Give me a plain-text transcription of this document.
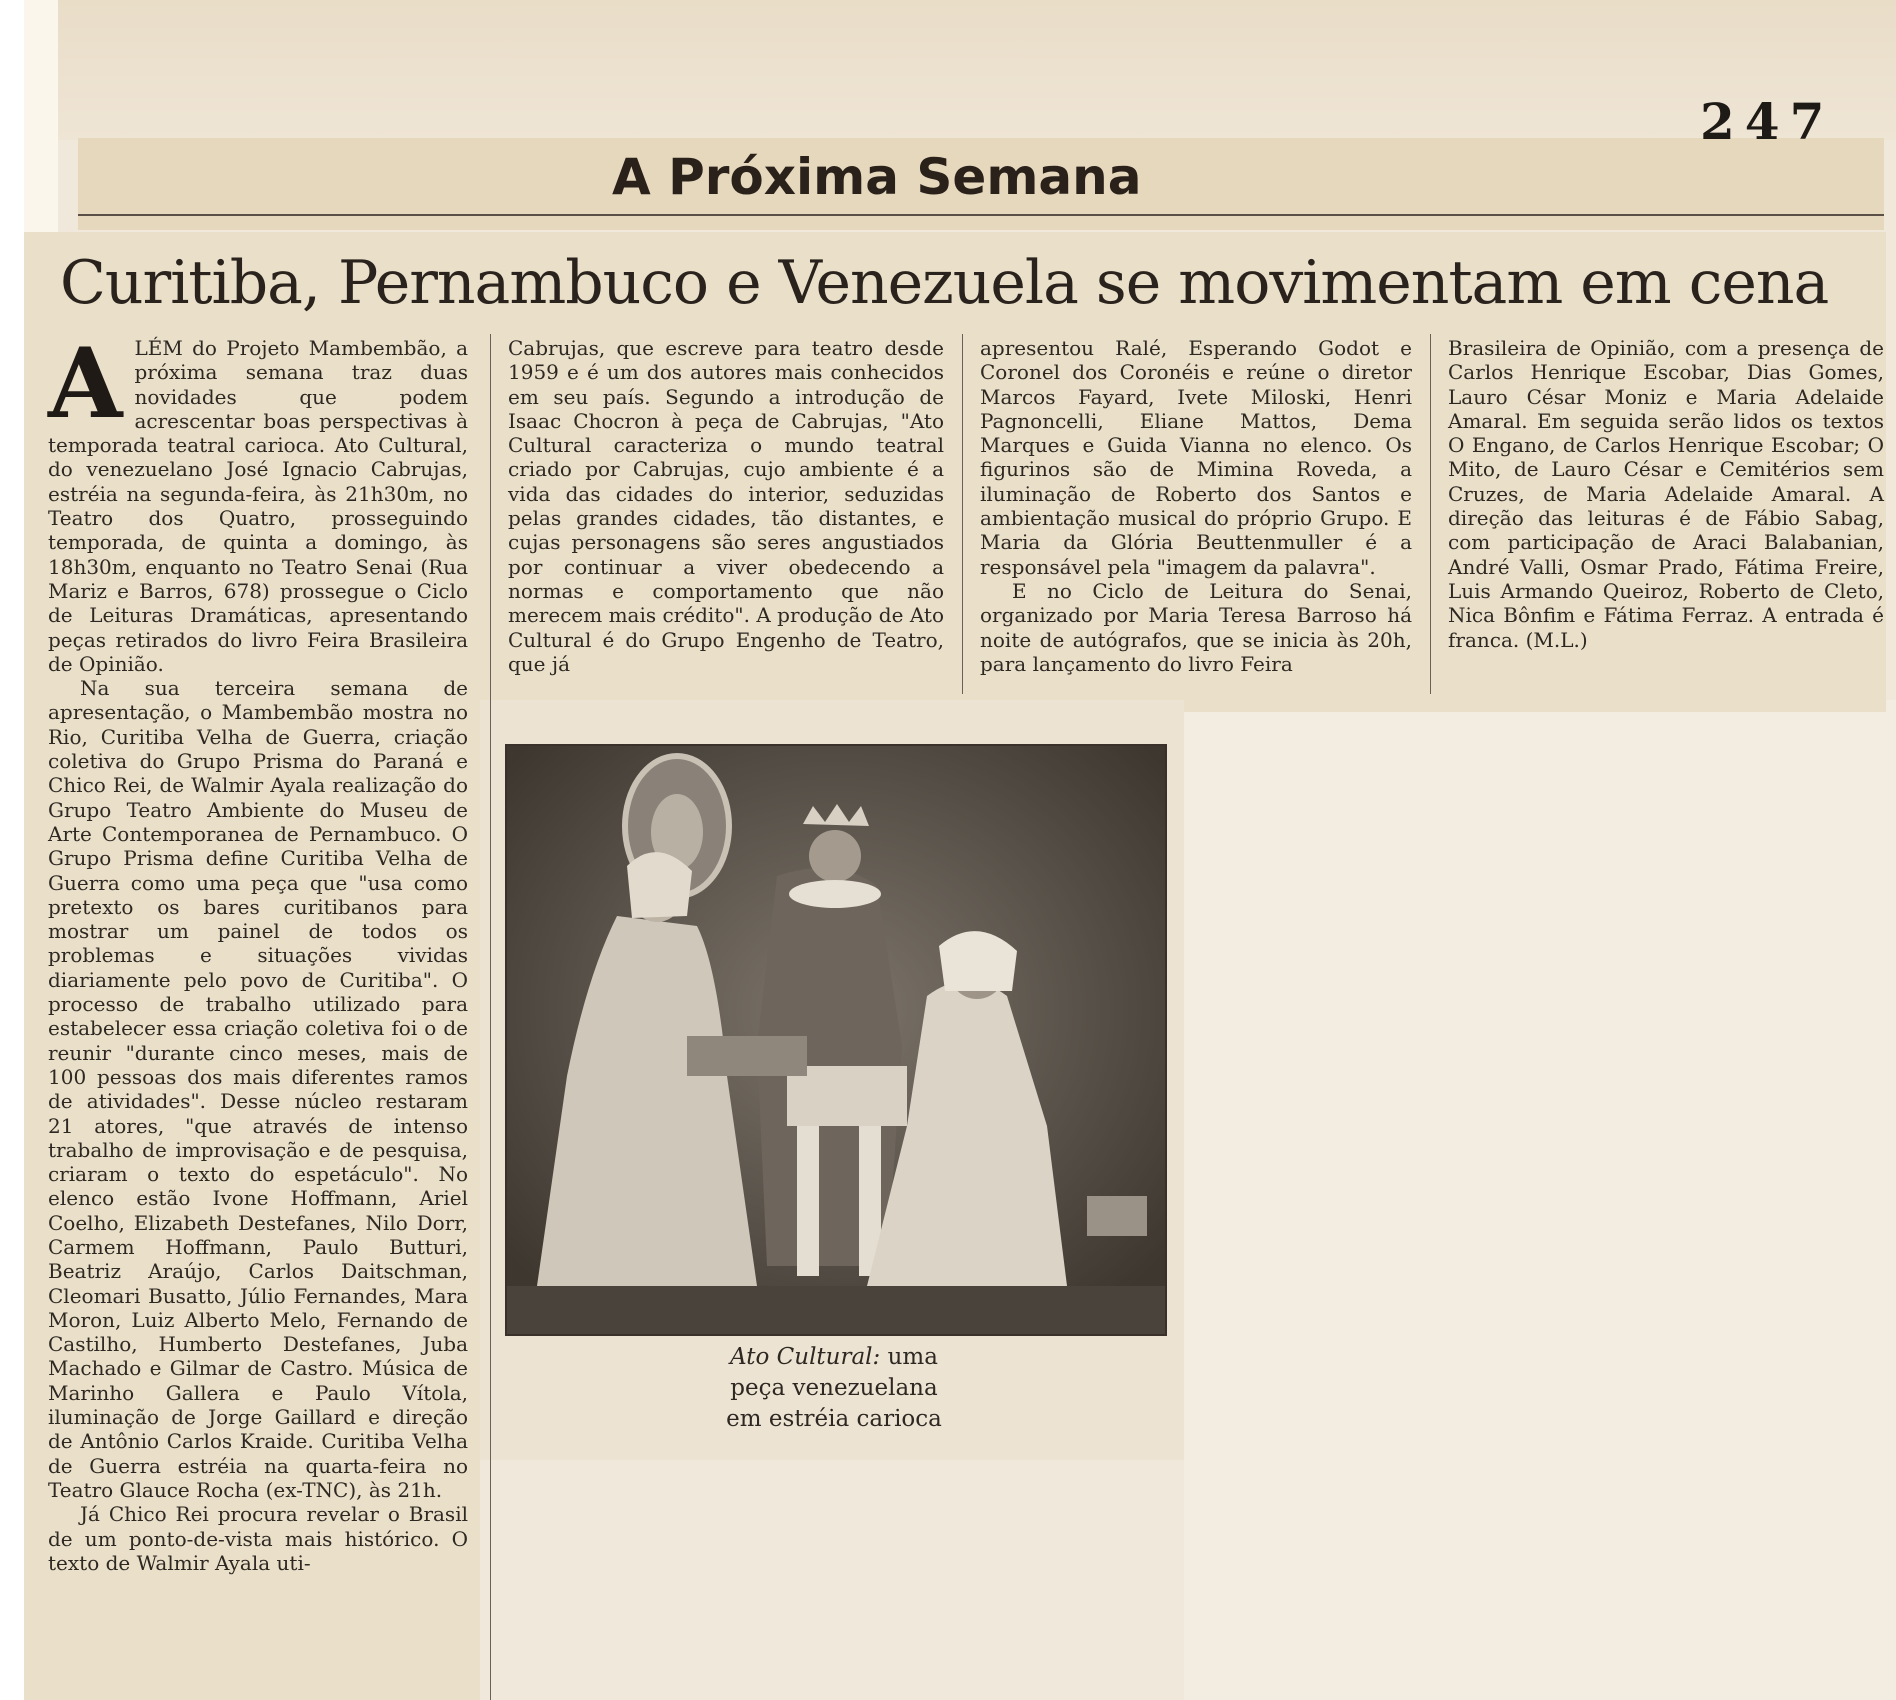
247
A Próxima Semana
Curitiba, Pernambuco e Venezuela se movimentam em cena
A LÉM do Projeto Mambembão, a próxima semana traz duas novidades que podem acrescentar boas perspectivas à temporada teatral carioca. Ato Cultural, do venezuelano José Ignacio Cabrujas, estréia na segunda-feira, às 21h30m, no Teatro dos Quatro, prosseguindo temporada, de quinta a domingo, às 18h30m, enquanto no Teatro Senai (Rua Mariz e Barros, 678) prossegue o Ciclo de Leituras Dramáticas, apresentando peças retirados do livro Feira Brasileira de Opinião.

Na sua terceira semana de apresentação, o Mambembão mostra no Rio, Curitiba Velha de Guerra, criação coletiva do Grupo Prisma do Paraná e Chico Rei, de Walmir Ayala realização do Grupo Teatro Ambiente do Museu de Arte Contemporanea de Pernambuco. O Grupo Prisma define Curitiba Velha de Guerra como uma peça que "usa como pretexto os bares curitibanos para mostrar um painel de todos os problemas e situações vividas diariamente pelo povo de Curitiba". O processo de trabalho utilizado para estabelecer essa criação coletiva foi o de reunir "durante cinco meses, mais de 100 pessoas dos mais diferentes ramos de atividades". Desse núcleo restaram 21 atores, "que através de intenso trabalho de improvisação e de pesquisa, criaram o texto do espetáculo". No elenco estão Ivone Hoffmann, Ariel Coelho, Elizabeth Destefanes, Nilo Dorr, Carmem Hoffmann, Paulo Butturi, Beatriz Araújo, Carlos Daitschman, Cleomari Busatto, Júlio Fernandes, Mara Moron, Luiz Alberto Melo, Fernando de Castilho, Humberto Destefanes, Juba Machado e Gilmar de Castro. Música de Marinho Gallera e Paulo Vítola, iluminação de Jorge Gaillard e direção de Antônio Carlos Kraide. Curitiba Velha de Guerra estréia na quarta-feira no Teatro Glauce Rocha (ex-TNC), às 21h.

Já Chico Rei procura revelar o Brasil de um ponto-de-vista mais histórico. O texto de Walmir Ayala uti-

Cabrujas, que escreve para teatro desde 1959 e é um dos autores mais conhecidos em seu país. Segundo a introdução de Isaac Chocron à peça de Cabrujas, "Ato Cultural caracteriza o mundo teatral criado por Cabrujas, cujo ambiente é a vida das cidades do interior, seduzidas pelas grandes cidades, tão distantes, e cujas personagens são seres angustiados por continuar a viver obedecendo a normas e comportamento que não merecem mais crédito". A produção de Ato Cultural é do Grupo Engenho de Teatro, que já

apresentou Ralé, Esperando Godot e Coronel dos Coronéis e reúne o diretor Marcos Fayard, Ivete Miloski, Henri Pagnoncelli, Eliane Mattos, Dema Marques e Guida Vianna no elenco. Os figurinos são de Mimina Roveda, a iluminação de Roberto dos Santos e ambientação musical do próprio Grupo. E Maria da Glória Beuttenmuller é a responsável pela "imagem da palavra".

E no Ciclo de Leitura do Senai, organizado por Maria Teresa Barroso há noite de autógrafos, que se inicia às 20h, para lançamento do livro Feira

Brasileira de Opinião, com a presença de Carlos Henrique Escobar, Dias Gomes, Lauro César Moniz e Maria Adelaide Amaral. Em seguida serão lidos os textos O Engano, de Carlos Henrique Escobar; O Mito, de Lauro César e Cemitérios sem Cruzes, de Maria Adelaide Amaral. A direção das leituras é de Fábio Sabag, com participação de Araci Balabanian, André Valli, Osmar Prado, Fátima Freire, Luis Armando Queiroz, Roberto de Cleto, Nica Bônfim e Fátima Ferraz. A entrada é franca. (M.L.)

Ato Cultural: uma
peça venezuelana
em estréia carioca
